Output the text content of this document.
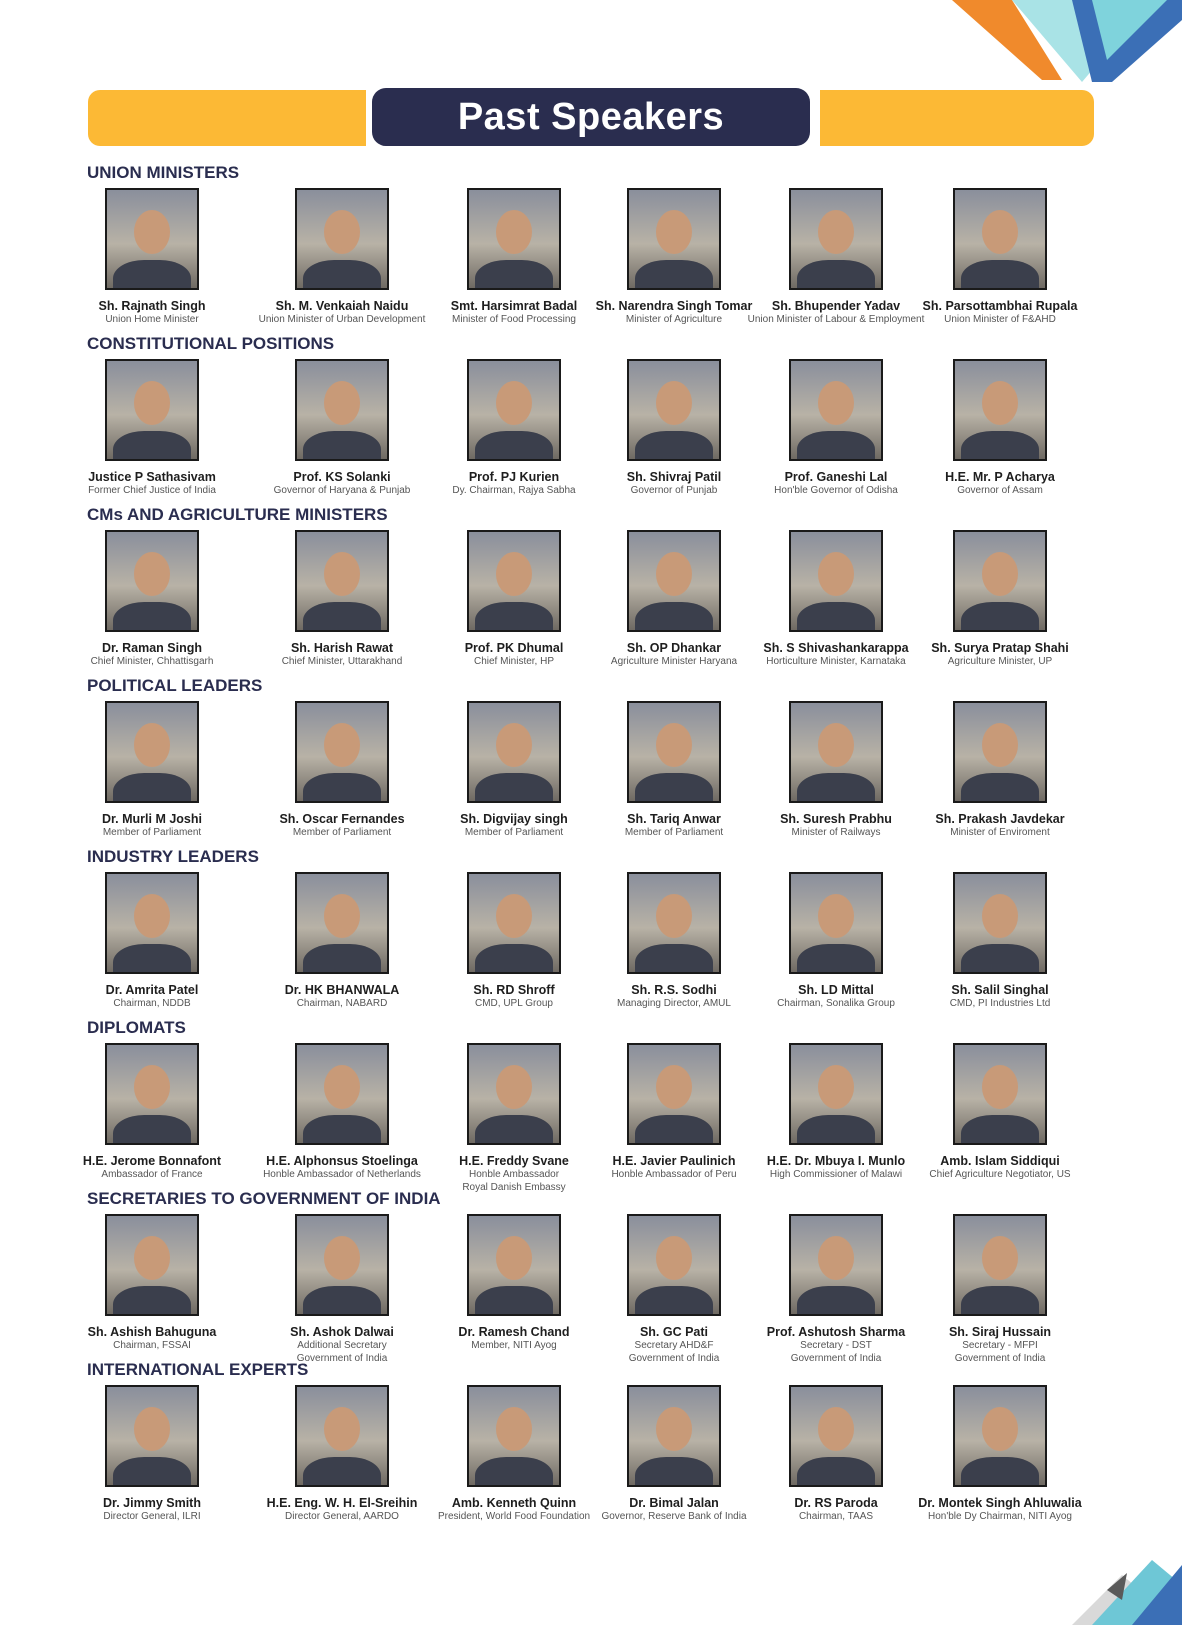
Past Speakers
UNION MINISTERS
Sh. Rajnath Singh
Union Home Minister
Sh. M. Venkaiah Naidu
Union Minister of Urban Development
Smt. Harsimrat Badal
Minister of Food Processing
Sh. Narendra Singh Tomar
Minister of Agriculture
Sh. Bhupender Yadav
Union Minister of Labour & Employment
Sh. Parsottambhai Rupala
Union Minister of F&AHD
CONSTITUTIONAL POSITIONS
Justice P Sathasivam
Former Chief Justice of India
Prof. KS Solanki
Governor of Haryana & Punjab
Prof. PJ Kurien
Dy. Chairman, Rajya Sabha
Sh. Shivraj Patil
Governor of Punjab
Prof. Ganeshi Lal
Hon'ble Governor of Odisha
H.E. Mr. P Acharya
Governor of Assam
CMs AND AGRICULTURE MINISTERS
Dr. Raman Singh
Chief Minister, Chhattisgarh
Sh. Harish Rawat
Chief Minister, Uttarakhand
Prof. PK Dhumal
Chief Minister, HP
Sh. OP Dhankar
Agriculture Minister Haryana
Sh. S Shivashankarappa
Horticulture Minister, Karnataka
Sh. Surya Pratap Shahi
Agriculture Minister, UP
POLITICAL LEADERS
Dr. Murli M Joshi
Member of Parliament
Sh. Oscar Fernandes
Member of Parliament
Sh. Digvijay singh
Member of Parliament
Sh. Tariq Anwar
Member of Parliament
Sh. Suresh Prabhu
Minister of Railways
Sh. Prakash Javdekar
Minister of Enviroment
INDUSTRY LEADERS
Dr. Amrita Patel
Chairman, NDDB
Dr. HK BHANWALA
Chairman, NABARD
Sh. RD Shroff
CMD, UPL Group
Sh. R.S. Sodhi
Managing Director, AMUL
Sh. LD Mittal
Chairman, Sonalika Group
Sh. Salil Singhal
CMD, PI Industries Ltd
DIPLOMATS
H.E. Jerome Bonnafont
Ambassador of France
H.E. Alphonsus Stoelinga
Honble Ambassador of Netherlands
H.E. Freddy Svane
Honble Ambassador
Royal Danish Embassy
H.E. Javier Paulinich
Honble Ambassador of Peru
H.E. Dr. Mbuya I. Munlo
High Commissioner of Malawi
Amb. Islam Siddiqui
Chief Agriculture Negotiator, US
SECRETARIES TO GOVERNMENT OF INDIA
Sh. Ashish Bahuguna
Chairman, FSSAI
Sh. Ashok Dalwai
Additional Secretary
Government of India
Dr. Ramesh Chand
Member, NITI Ayog
Sh. GC Pati
Secretary AHD&F
Government of India
Prof. Ashutosh Sharma
Secretary - DST
Government of India
Sh. Siraj Hussain
Secretary - MFPI
Government of India
INTERNATIONAL EXPERTS
Dr. Jimmy Smith
Director General, ILRI
H.E. Eng. W. H. El-Sreihin
Director General, AARDO
Amb. Kenneth Quinn
President, World Food Foundation
Dr. Bimal Jalan
Governor, Reserve Bank of India
Dr. RS Paroda
Chairman, TAAS
Dr. Montek Singh Ahluwalia
Hon'ble Dy Chairman, NITI Ayog
